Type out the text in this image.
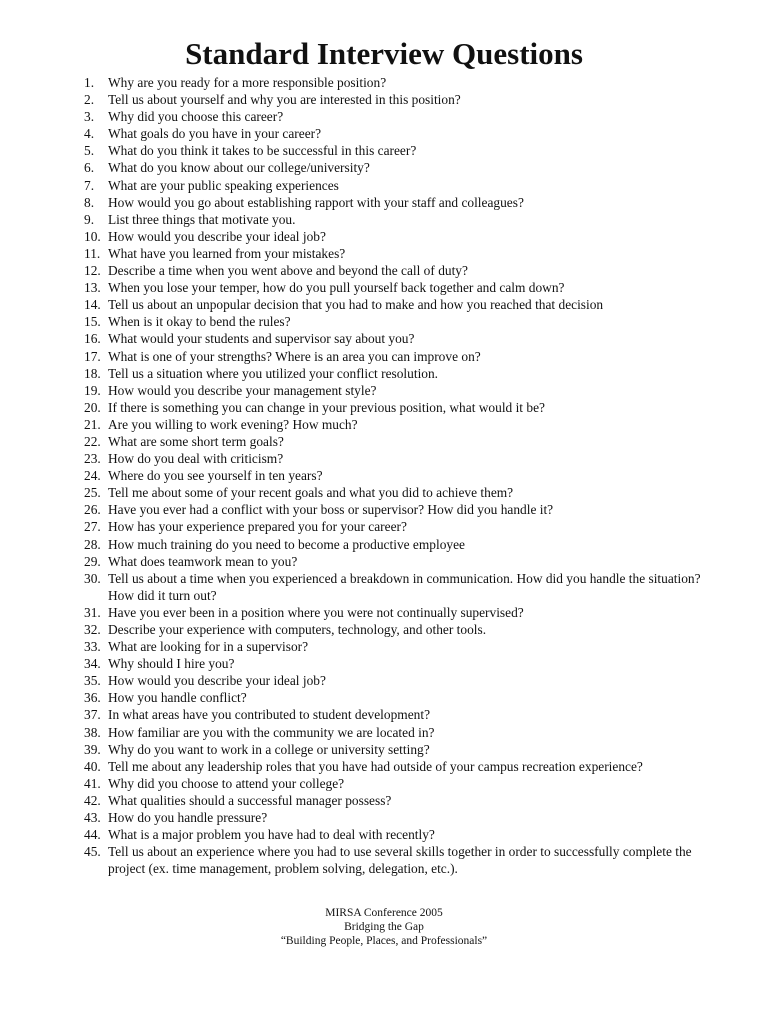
Standard Interview Questions
1. Why are you ready for a more responsible position?
2. Tell us about yourself and why you are interested in this position?
3. Why did you choose this career?
4. What goals do you have in your career?
5. What do you think it takes to be successful in this career?
6. What do you know about our college/university?
7. What are your public speaking experiences
8. How would you go about establishing rapport with your staff and colleagues?
9. List three things that motivate you.
10. How would you describe your ideal job?
11. What have you learned from your mistakes?
12. Describe a time when you went above and beyond the call of duty?
13. When you lose your temper, how do you pull yourself back together and calm down?
14. Tell us about an unpopular decision that you had to make and how you reached that decision
15. When is it okay to bend the rules?
16. What would your students and supervisor say about you?
17. What is one of your strengths? Where is an area you can improve on?
18. Tell us a situation where you utilized your conflict resolution.
19. How would you describe your management style?
20. If there is something you can change in your previous position, what would it be?
21. Are you willing to work evening? How much?
22. What are some short term goals?
23. How do you deal with criticism?
24. Where do you see yourself in ten years?
25. Tell me about some of your recent goals and what you did to achieve them?
26. Have you ever had a conflict with your boss or supervisor? How did you handle it?
27. How has your experience prepared you for your career?
28. How much training do you need to become a productive employee
29. What does teamwork mean to you?
30. Tell us about a time when you experienced a breakdown in communication. How did you handle the situation? How did it turn out?
31. Have you ever been in a position where you were not continually supervised?
32. Describe your experience with computers, technology, and other tools.
33. What are looking for in a supervisor?
34. Why should I hire you?
35. How would you describe your ideal job?
36. How you handle conflict?
37. In what areas have you contributed to student development?
38. How familiar are you with the community we are located in?
39. Why do you want to work in a college or university setting?
40. Tell me about any leadership roles that you have had outside of your campus recreation experience?
41. Why did you choose to attend your college?
42. What qualities should a successful manager possess?
43. How do you handle pressure?
44. What is a major problem you have had to deal with recently?
45. Tell us about an experience where you had to use several skills together in order to successfully complete the project (ex. time management, problem solving, delegation, etc.).
MIRSA Conference 2005
Bridging the Gap
“Building People, Places, and Professionals”
